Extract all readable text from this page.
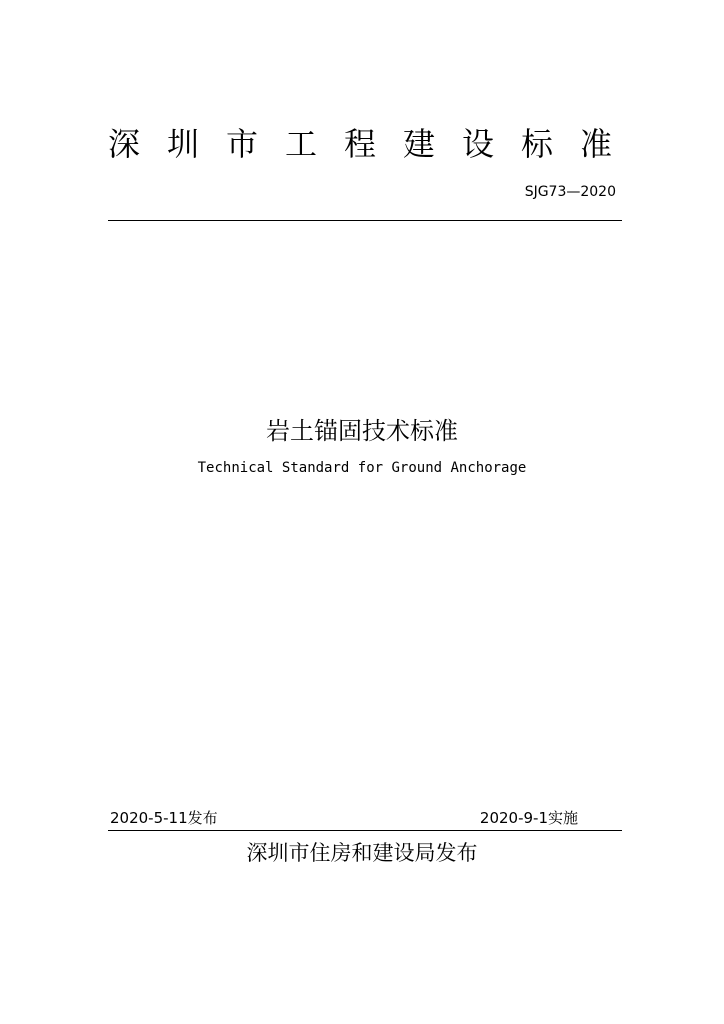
深圳市工程建设标准
SJG73—2020
岩土锚固技术标准
Technical Standard for Ground Anchorage
2020-5-11发布	2020-9-1实施
深圳市住房和建设局发布
